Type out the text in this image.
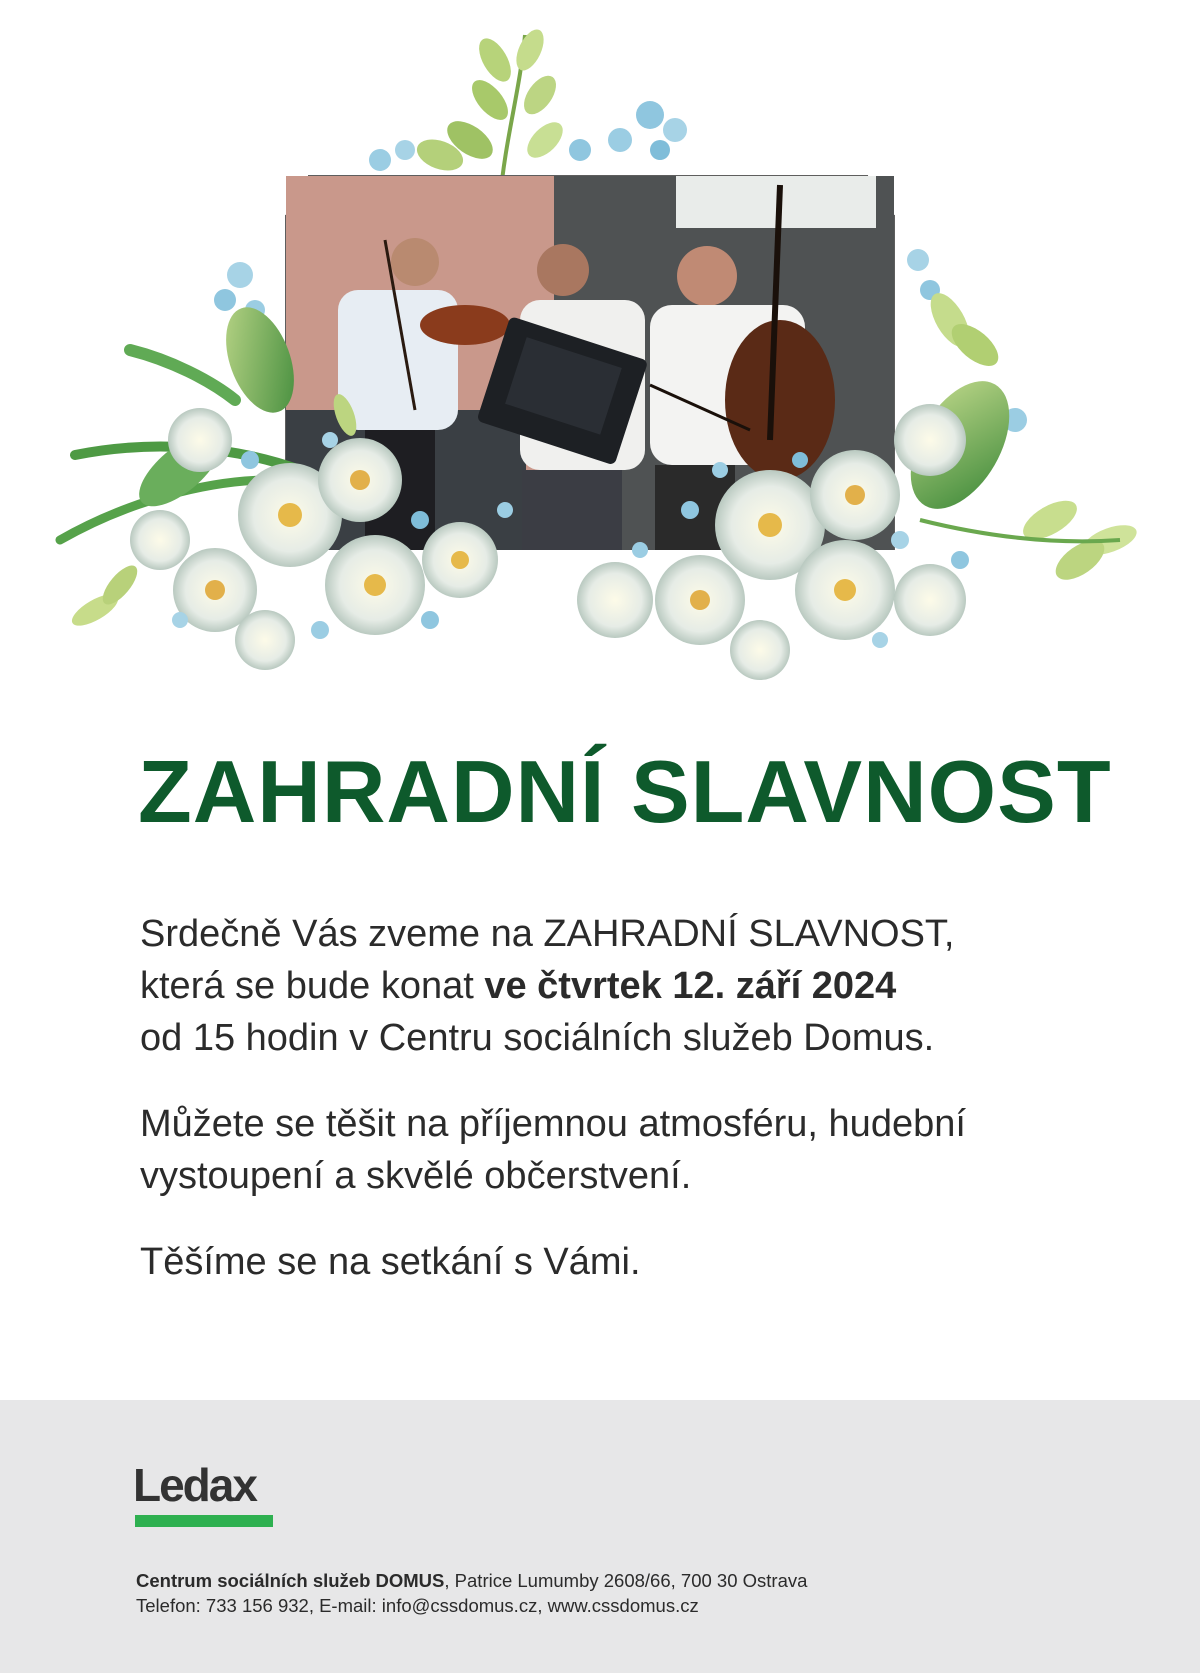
ZAHRADNÍ SLAVNOST

Srdečně Vás zveme na ZAHRADNÍ SLAVNOST,
která se bude konat ve čtvrtek 12. září 2024
od 15 hodin v Centru sociálních služeb Domus.

Můžete se těšit na příjemnou atmosféru, hudební
vystoupení a skvělé občerstvení.

Těšíme se na setkání s Vámi.

Ledax
Centrum sociálních služeb DOMUS, Patrice Lumumby 2608/66, 700 30 Ostrava
Telefon: 733 156 932, E-mail: info@cssdomus.cz, www.cssdomus.cz
